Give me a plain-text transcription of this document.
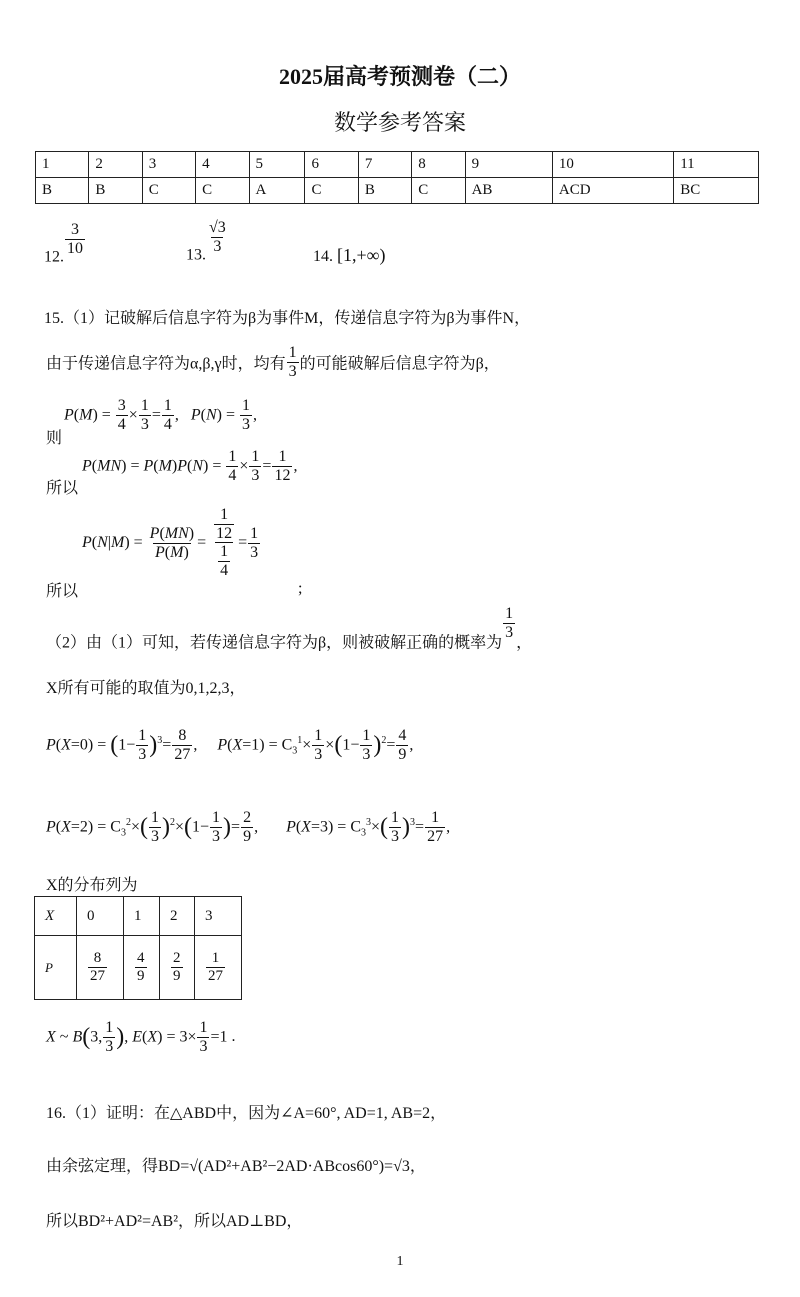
2025届高考预测卷（二）
数学参考答案
1	2	3	4	5	6	7	8	9	10	11
B	B	C	C	A	C	B	C	AB	ACD	BC
12. $\frac{3}{10}$	13. $\frac{√3}{3}$
14. [1,+∞)
15.（1）记破解后信息字符为β为事件M，传递信息字符为β为事件N，
由于传递信息字符为α,β,γ时，均有 $\frac{1}{3}$ 的可能破解后信息字符为β，
则
$P(M) = \frac{3}{4} \times \frac{1}{3} = \frac{1}{4}$ ,   $P(N) = \frac{1}{3}$ ,
所以
$P(MN) = P(M)P(N) = \frac{1}{4} \times \frac{1}{3} = \frac{1}{12}$ ,
$P(N|M) = \frac{P(MN)}{P(M)} = \frac{\frac{1}{12}}{\frac{1}{4}} = \frac{1}{3}$
所以	;
（2）由（1）可知，若传递信息字符为β，则被破解正确的概率为
$\frac{1}{3}$
，
X所有可能的取值为0,1,2,3，
$P(X=0) = (1- \frac{1}{3} )^3= \frac{8}{27}$ ,     $P(X=1) = C_3^1\times \frac{1}{3} \times(1- \frac{1}{3} )^2= \frac{4}{9}$ ,
$P(X=2) = C_3^2\times( \frac{1}{3} )^2\times(1- \frac{1}{3}$ )= $\frac{2}{9}$ ,       $P(X=3) = C_3^3\times( \frac{1}{3} )^3= \frac{1}{27}$ ,
X的分布列为
X	0	1	2	3
P	$\frac{8}{27}$	$\frac{4}{9}$	$\frac{2}{9}$	$\frac{1}{27}$
X ~ B(3, $\frac{1}{3}$ ), $E(X) = 3\times \frac{1}{3} =1$ .
16.（1）证明：在△ABD中，因为∠A=60°, AD=1, AB=2，
由余弦定理，得BD=√(AD²+AB²−2AD·ABcos60°)=√3，
所以BD²+AD²=AB²，所以AD⊥BD，
1
